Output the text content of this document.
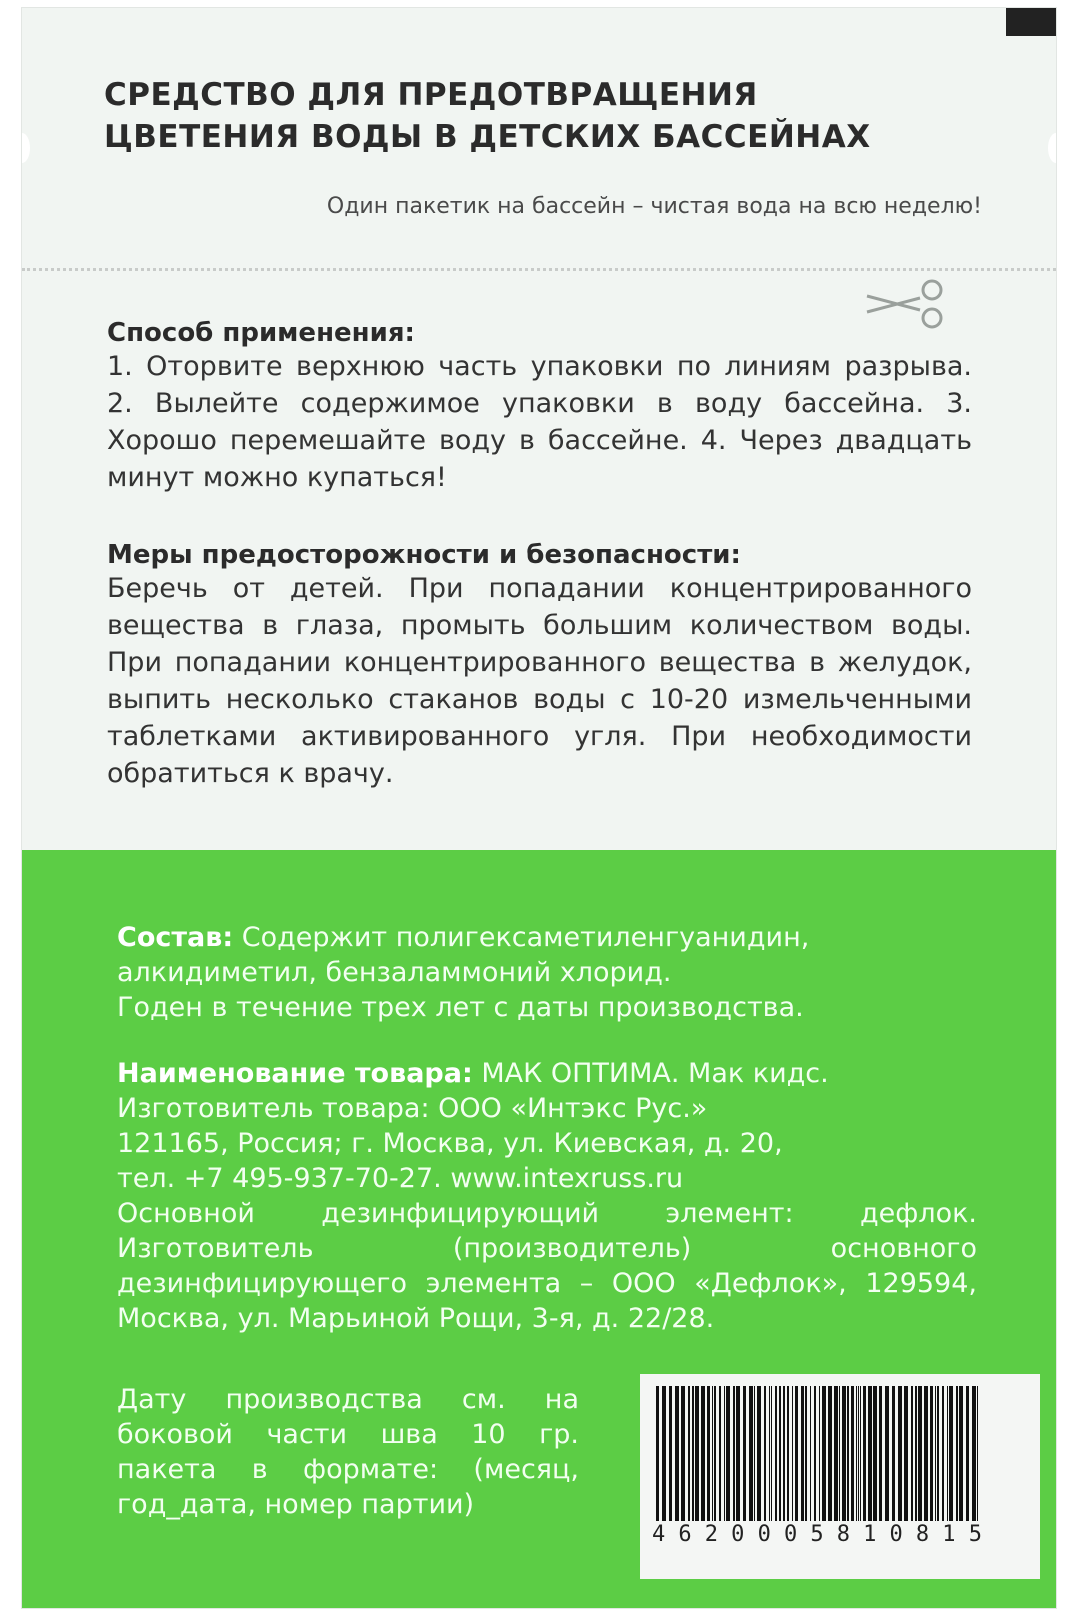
СРЕДСТВО ДЛЯ ПРЕДОТВРАЩЕНИЯ
ЦВЕТЕНИЯ ВОДЫ В ДЕТСКИХ БАССЕЙНАХ
Один пакетик на бассейн – чистая вода на всю неделю!
Способ применения:
1. Оторвите верхнюю часть упаковки по линиям разрыва. 2. Вылейте содержимое упаковки в воду бассейна. 3. Хорошо перемешайте воду в бассейне. 4. Через двадцать минут можно купаться!
Меры предосторожности и безопасности:
Беречь от детей. При попадании концентрированного вещества в глаза, промыть большим количеством воды. При попадании концентрированного вещества в желудок, выпить несколько стаканов воды с 10-20 измельченными таблетками активированного угля. При необходимости обратиться к врачу.
Состав: Содержит полигексаметиленгуанидин,
алкидиметил, бензаламмоний хлорид.
Годен в течение трех лет с даты производства.
Наименование товара: МАК ОПТИМА. Мак кидс.
Изготовитель товара: ООО «Интэкс Рус.»
121165, Россия; г. Москва, ул. Киевская, д. 20,
тел. +7 495-937-70-27. www.intexruss.ru
Основной дезинфицирующий элемент: дефлок. Изготовитель (производитель) основного дезинфицирующего элемента – ООО «Дефлок», 129594, Москва, ул. Марьиной Рощи, 3-я, д. 22/28.
Дату производства см. на боковой части шва 10 гр. пакета в формате: (месяц, год_дата, номер партии)
4 6 2 0 0 0 5 8 1 0 8 1 5
